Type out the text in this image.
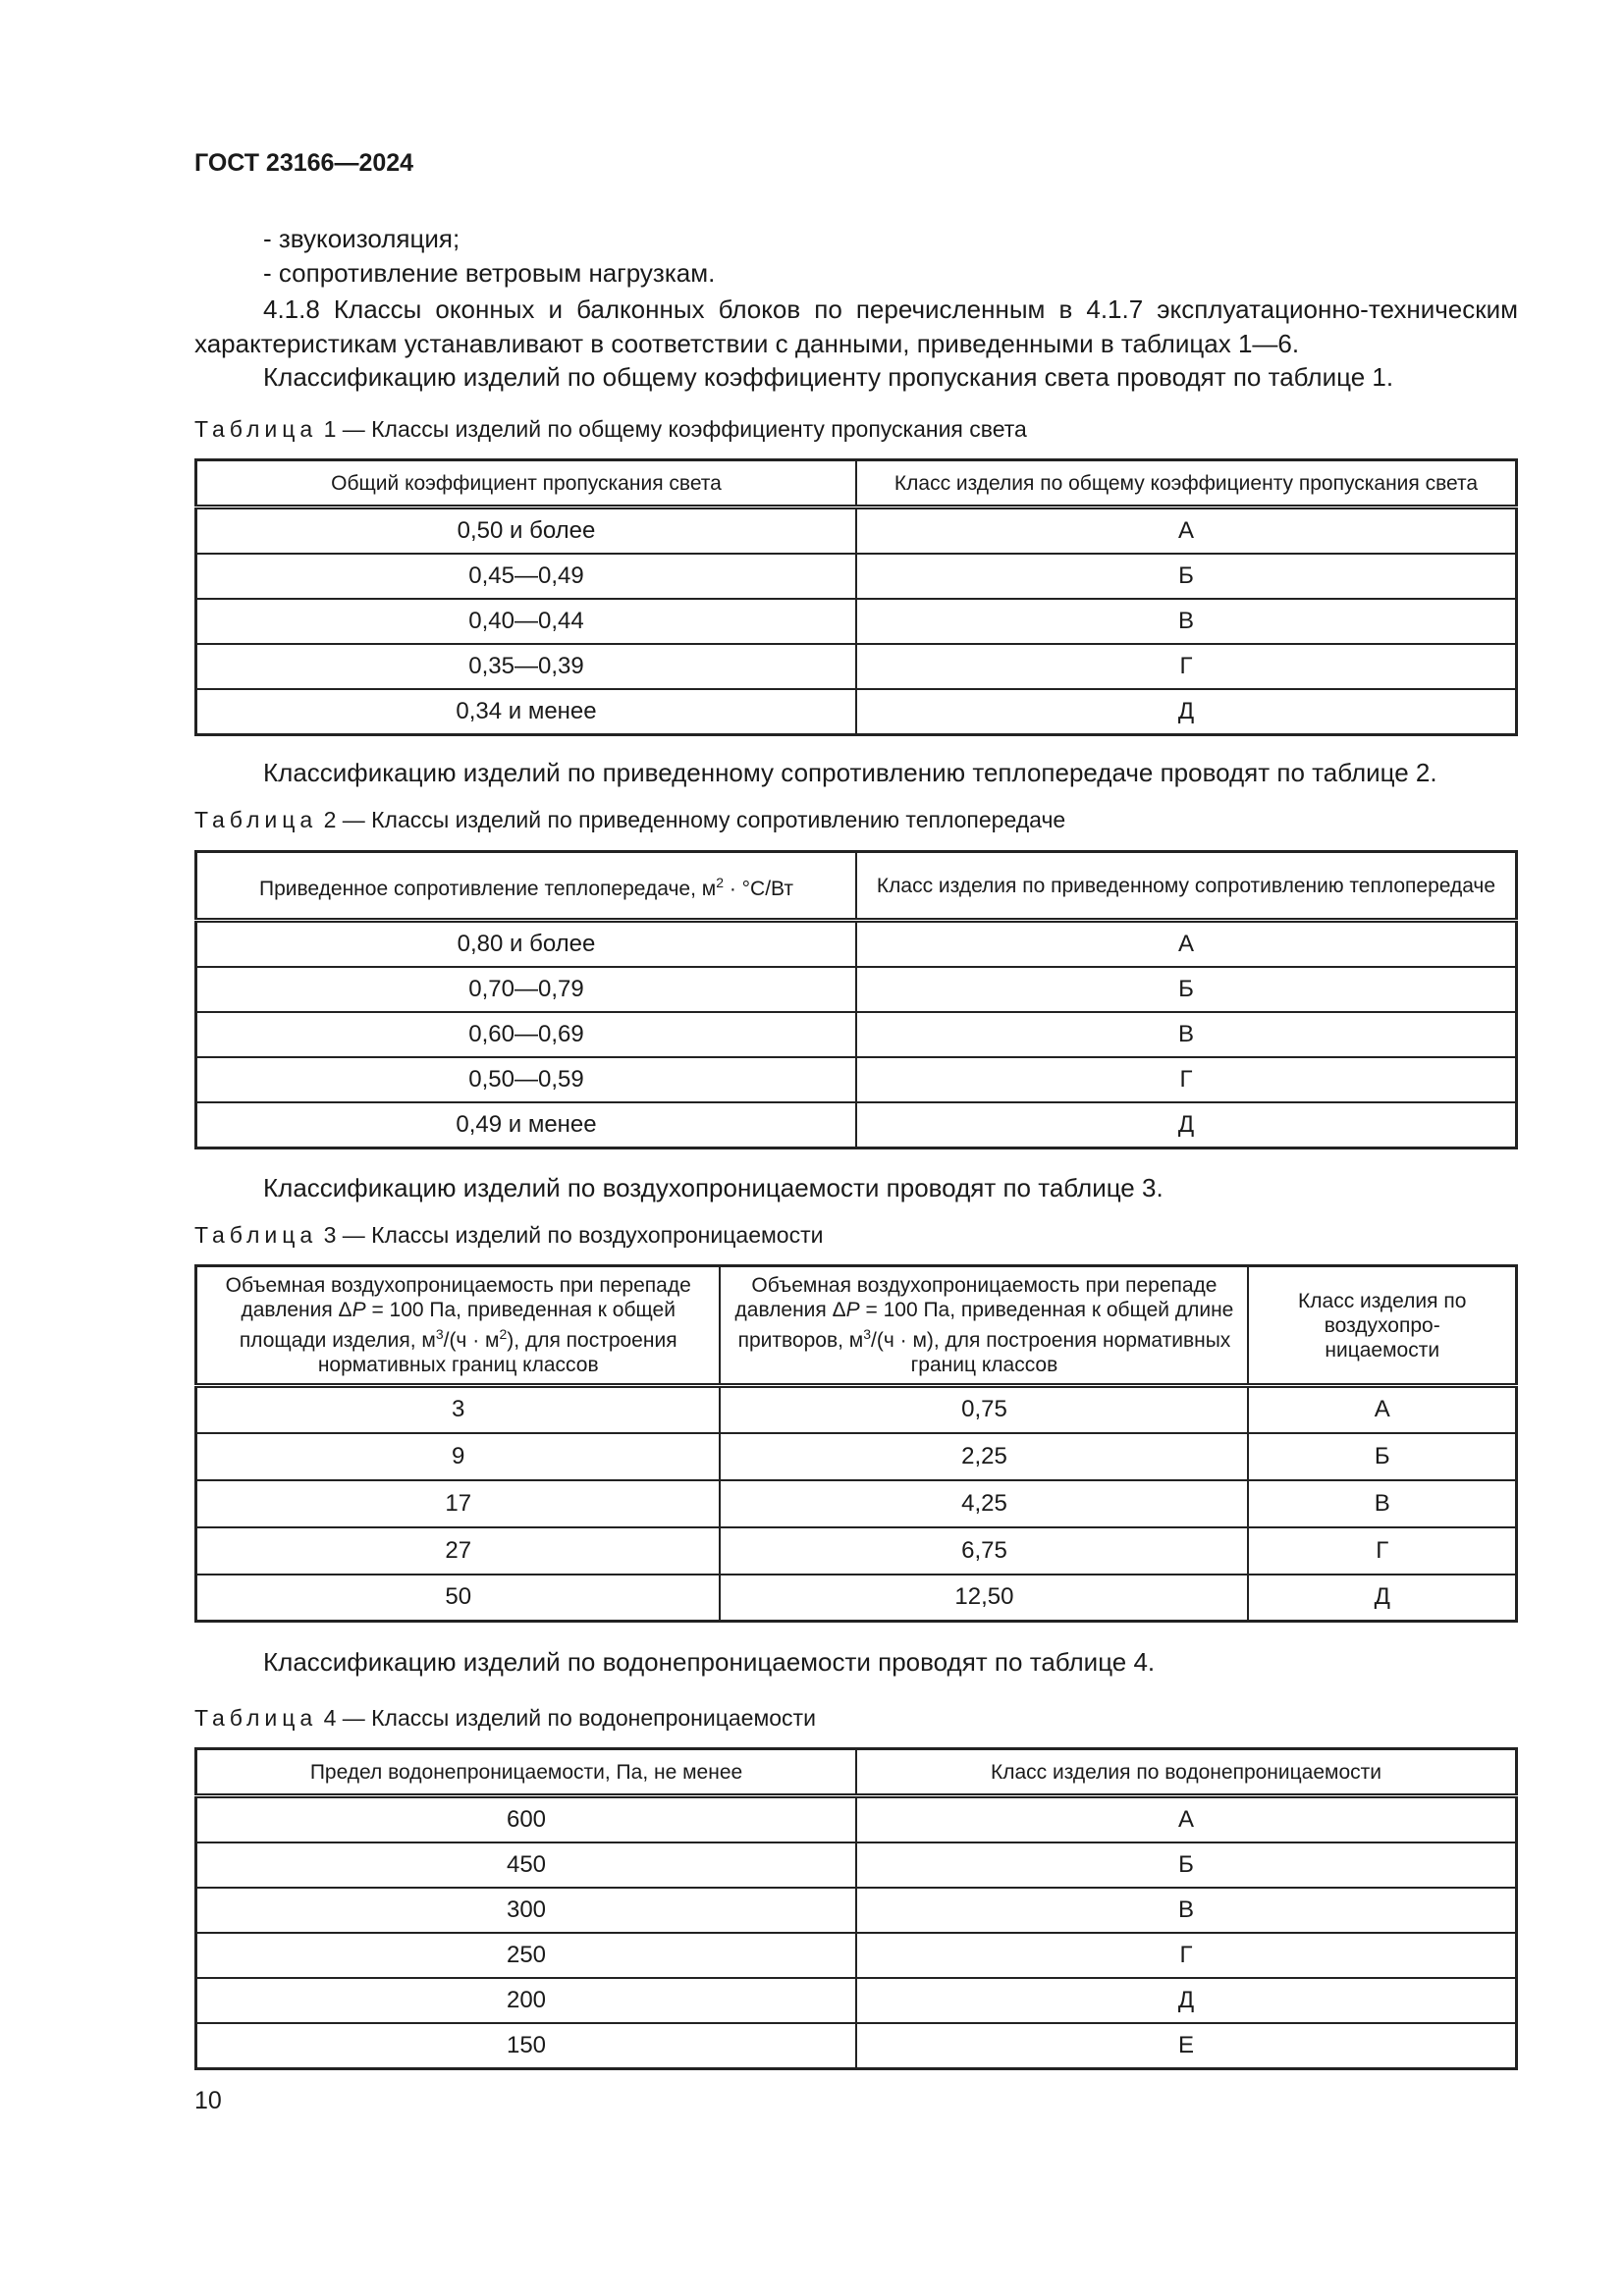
ГОСТ 23166—2024
- звукоизоляция;
- сопротивление ветровым нагрузкам.
4.1.8 Классы оконных и балконных блоков по перечисленным в 4.1.7 эксплуатационно-техническим характеристикам устанавливают в соответствии с данными, приведенными в таблицах 1—6.
Классификацию изделий по общему коэффициенту пропускания света проводят по таблице 1.
Таблица 1 — Классы изделий по общему коэффициенту пропускания света
Общий коэффициент пропускания света	Класс изделия по общему коэффициенту пропускания света
0,50 и более	А
0,45—0,49	Б
0,40—0,44	В
0,35—0,39	Г
0,34 и менее	Д
Классификацию изделий по приведенному сопротивлению теплопередаче проводят по таблице 2.
Таблица 2 — Классы изделий по приведенному сопротивлению теплопередаче
Приведенное сопротивление теплопередаче, $м^2 \cdot ^\circ C/Вт$	Класс изделия по приведенному сопротивлению теплопередаче
0,80 и более	А
0,70—0,79	Б
0,60—0,69	В
0,50—0,59	Г
0,49 и менее	Д
Классификацию изделий по воздухопроницаемости проводят по таблице 3.
Таблица 3 — Классы изделий по воздухопроницаемости
Объемная воздухопроницаемость при перепаде давления ΔP = 100 Па, приведенная к общей площади изделия, $м^3/(ч \cdot м^2)$, для построения нормативных границ классов	Объемная воздухопроницаемость при перепаде давления ΔP = 100 Па, приведенная к общей длине притворов, $м^3/(ч \cdot м)$, для построения нормативных границ классов	Класс изделия по воздухопро-ницаемости
3	0,75	А
9	2,25	Б
17	4,25	В
27	6,75	Г
50	12,50	Д
Классификацию изделий по водонепроницаемости проводят по таблице 4.
Таблица 4 — Классы изделий по водонепроницаемости
Предел водонепроницаемости, Па, не менее	Класс изделия по водонепроницаемости
600	А
450	Б
300	В
250	Г
200	Д
150	Е
10
